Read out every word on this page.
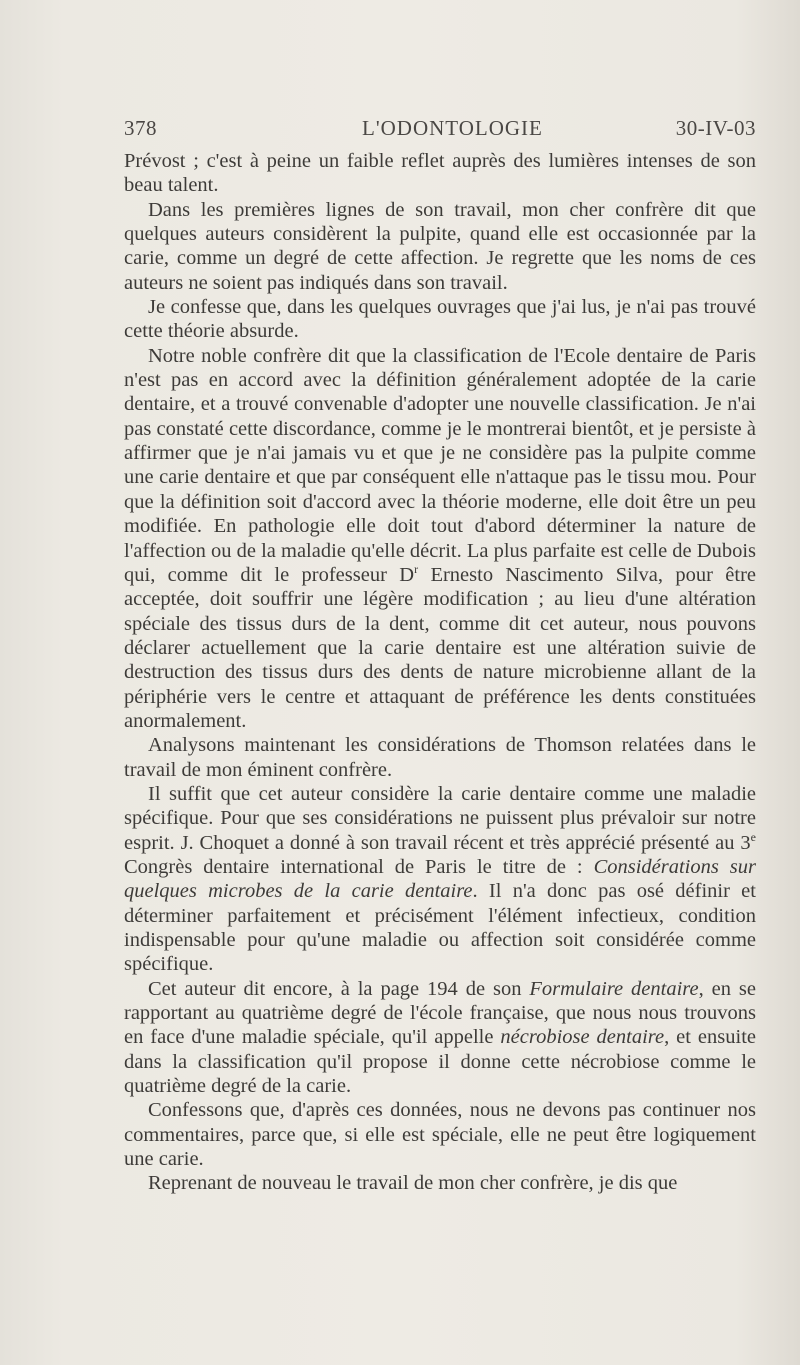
378	L'ODONTOLOGIE	30-IV-03

Prévost ; c'est à peine un faible reflet auprès des lumières intenses de son beau talent.

Dans les premières lignes de son travail, mon cher confrère dit que quelques auteurs considèrent la pulpite, quand elle est occasionnée par la carie, comme un degré de cette affection. Je regrette que les noms de ces auteurs ne soient pas indiqués dans son travail.

Je confesse que, dans les quelques ouvrages que j'ai lus, je n'ai pas trouvé cette théorie absurde.

Notre noble confrère dit que la classification de l'Ecole dentaire de Paris n'est pas en accord avec la définition généralement adoptée de la carie dentaire, et a trouvé convenable d'adopter une nouvelle classification. Je n'ai pas constaté cette discordance, comme je le montrerai bientôt, et je persiste à affirmer que je n'ai jamais vu et que je ne considère pas la pulpite comme une carie dentaire et que par conséquent elle n'attaque pas le tissu mou. Pour que la définition soit d'accord avec la théorie moderne, elle doit être un peu modifiée. En pathologie elle doit tout d'abord déterminer la nature de l'affection ou de la maladie qu'elle décrit. La plus parfaite est celle de Dubois qui, comme dit le professeur $D^r$ Ernesto Nascimento Silva, pour être acceptée, doit souffrir une légère modification ; au lieu d'une altération spéciale des tissus durs de la dent, comme dit cet auteur, nous pouvons déclarer actuellement que la carie dentaire est une altération suivie de destruction des tissus durs des dents de nature microbienne allant de la périphérie vers le centre et attaquant de préférence les dents constituées anormalement.

Analysons maintenant les considérations de Thomson relatées dans le travail de mon éminent confrère.

Il suffit que cet auteur considère la carie dentaire comme une maladie spécifique. Pour que ses considérations ne puissent plus prévaloir sur notre esprit. J. Choquet a donné à son travail récent et très apprécié présenté au 3e Congrès dentaire international de Paris le titre de : Considérations sur quelques microbes de la carie dentaire. Il n'a donc pas osé définir et déterminer parfaitement et précisément l'élément infectieux, condition indispensable pour qu'une maladie ou affection soit considérée comme spécifique.

Cet auteur dit encore, à la page 194 de son Formulaire dentaire, en se rapportant au quatrième degré de l'école française, que nous nous trouvons en face d'une maladie spéciale, qu'il appelle nécrobiose dentaire, et ensuite dans la classification qu'il propose il donne cette nécrobiose comme le quatrième degré de la carie.

Confessons que, d'après ces données, nous ne devons pas continuer nos commentaires, parce que, si elle est spéciale, elle ne peut être logiquement une carie.

Reprenant de nouveau le travail de mon cher confrère, je dis que
